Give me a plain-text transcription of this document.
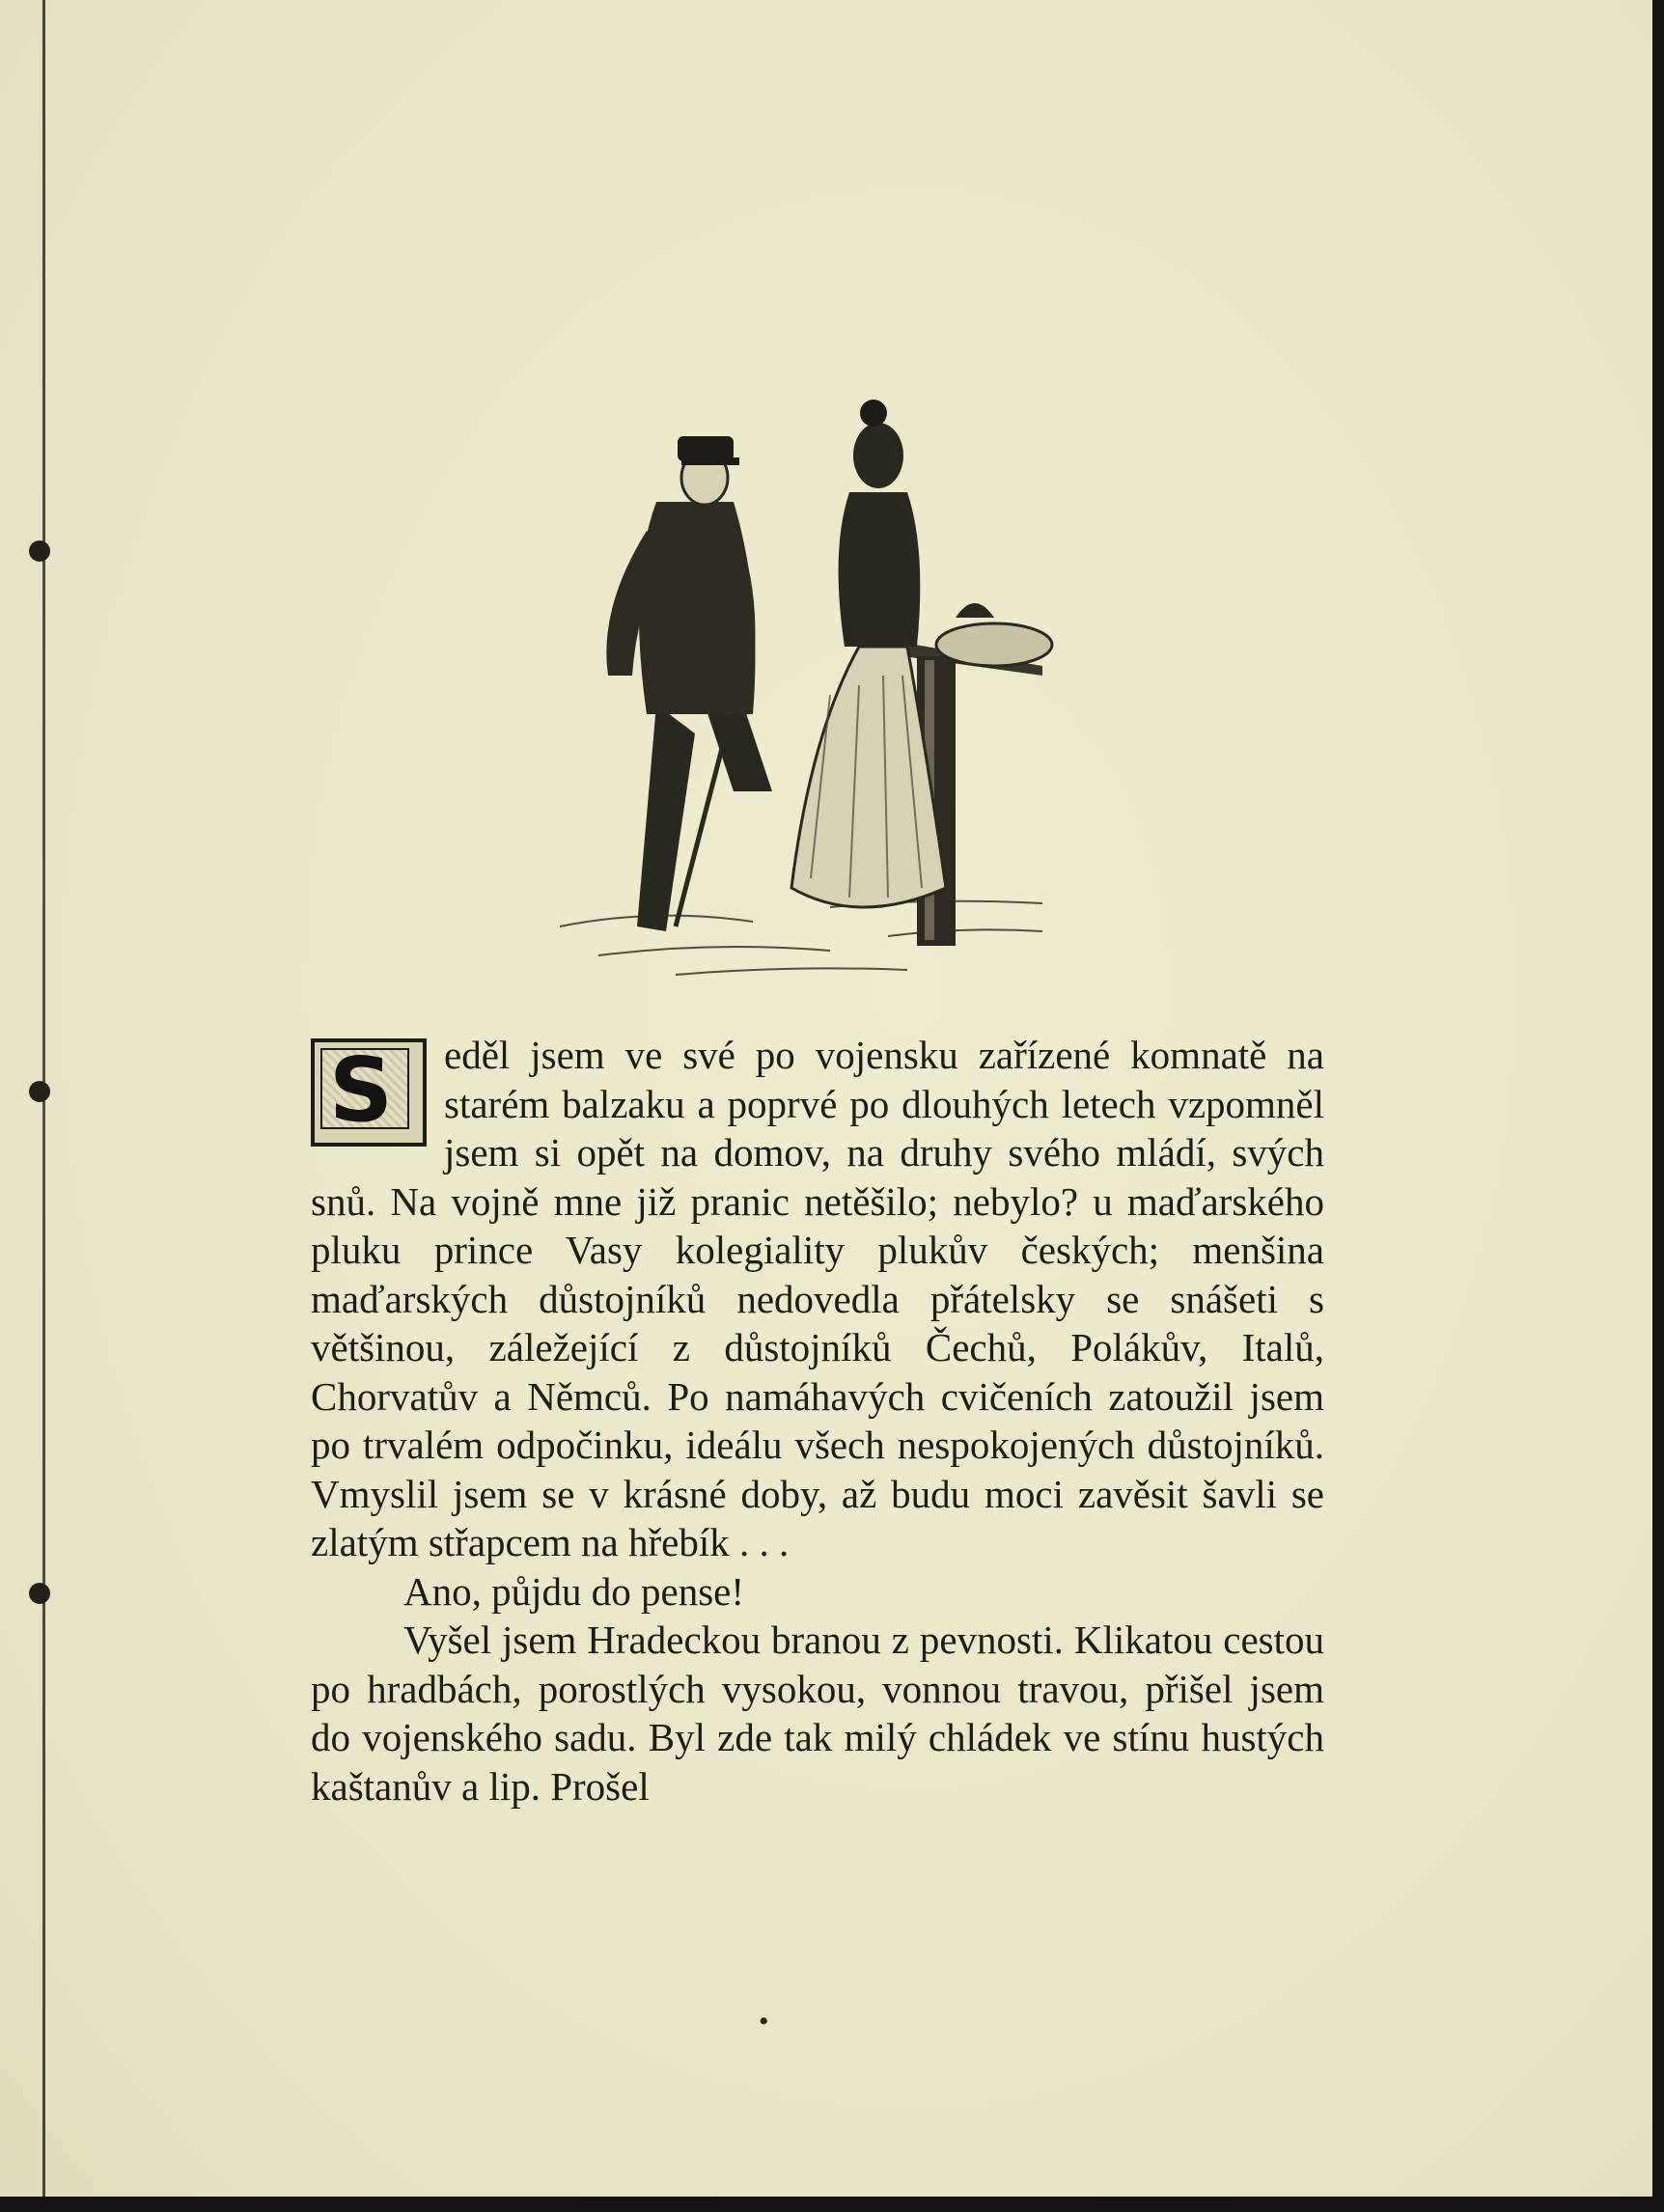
S eděl jsem ve své po vojensku zařízené komnatě na starém balzaku a poprvé po dlouhých letech vzpomněl jsem si opět na domov, na druhy svého mládí, svých snů. Na vojně mne již pranic netěšilo; nebylo? u maďarského pluku prince Vasy kolegiality plukův českých; menšina maďarských důstojníků nedovedla přátelsky se snášeti s většinou, záležející z důstojníků Čechů, Polákův, Italů, Chorvatův a Němců. Po namáhavých cvičeních zatoužil jsem po trvalém odpočinku, ideálu všech nespokojených důstojníků. Vmyslil jsem se v krásné doby, až budu moci zavěsit šavli se zlatým střapcem na hřebík . . .

Ano, půjdu do pense!

Vyšel jsem Hradeckou branou z pevnosti. Klikatou cestou po hradbách, porostlých vysokou, vonnou travou, přišel jsem do vojenského sadu. Byl zde tak milý chládek ve stínu hustých kaštanův a lip. Prošel

•
